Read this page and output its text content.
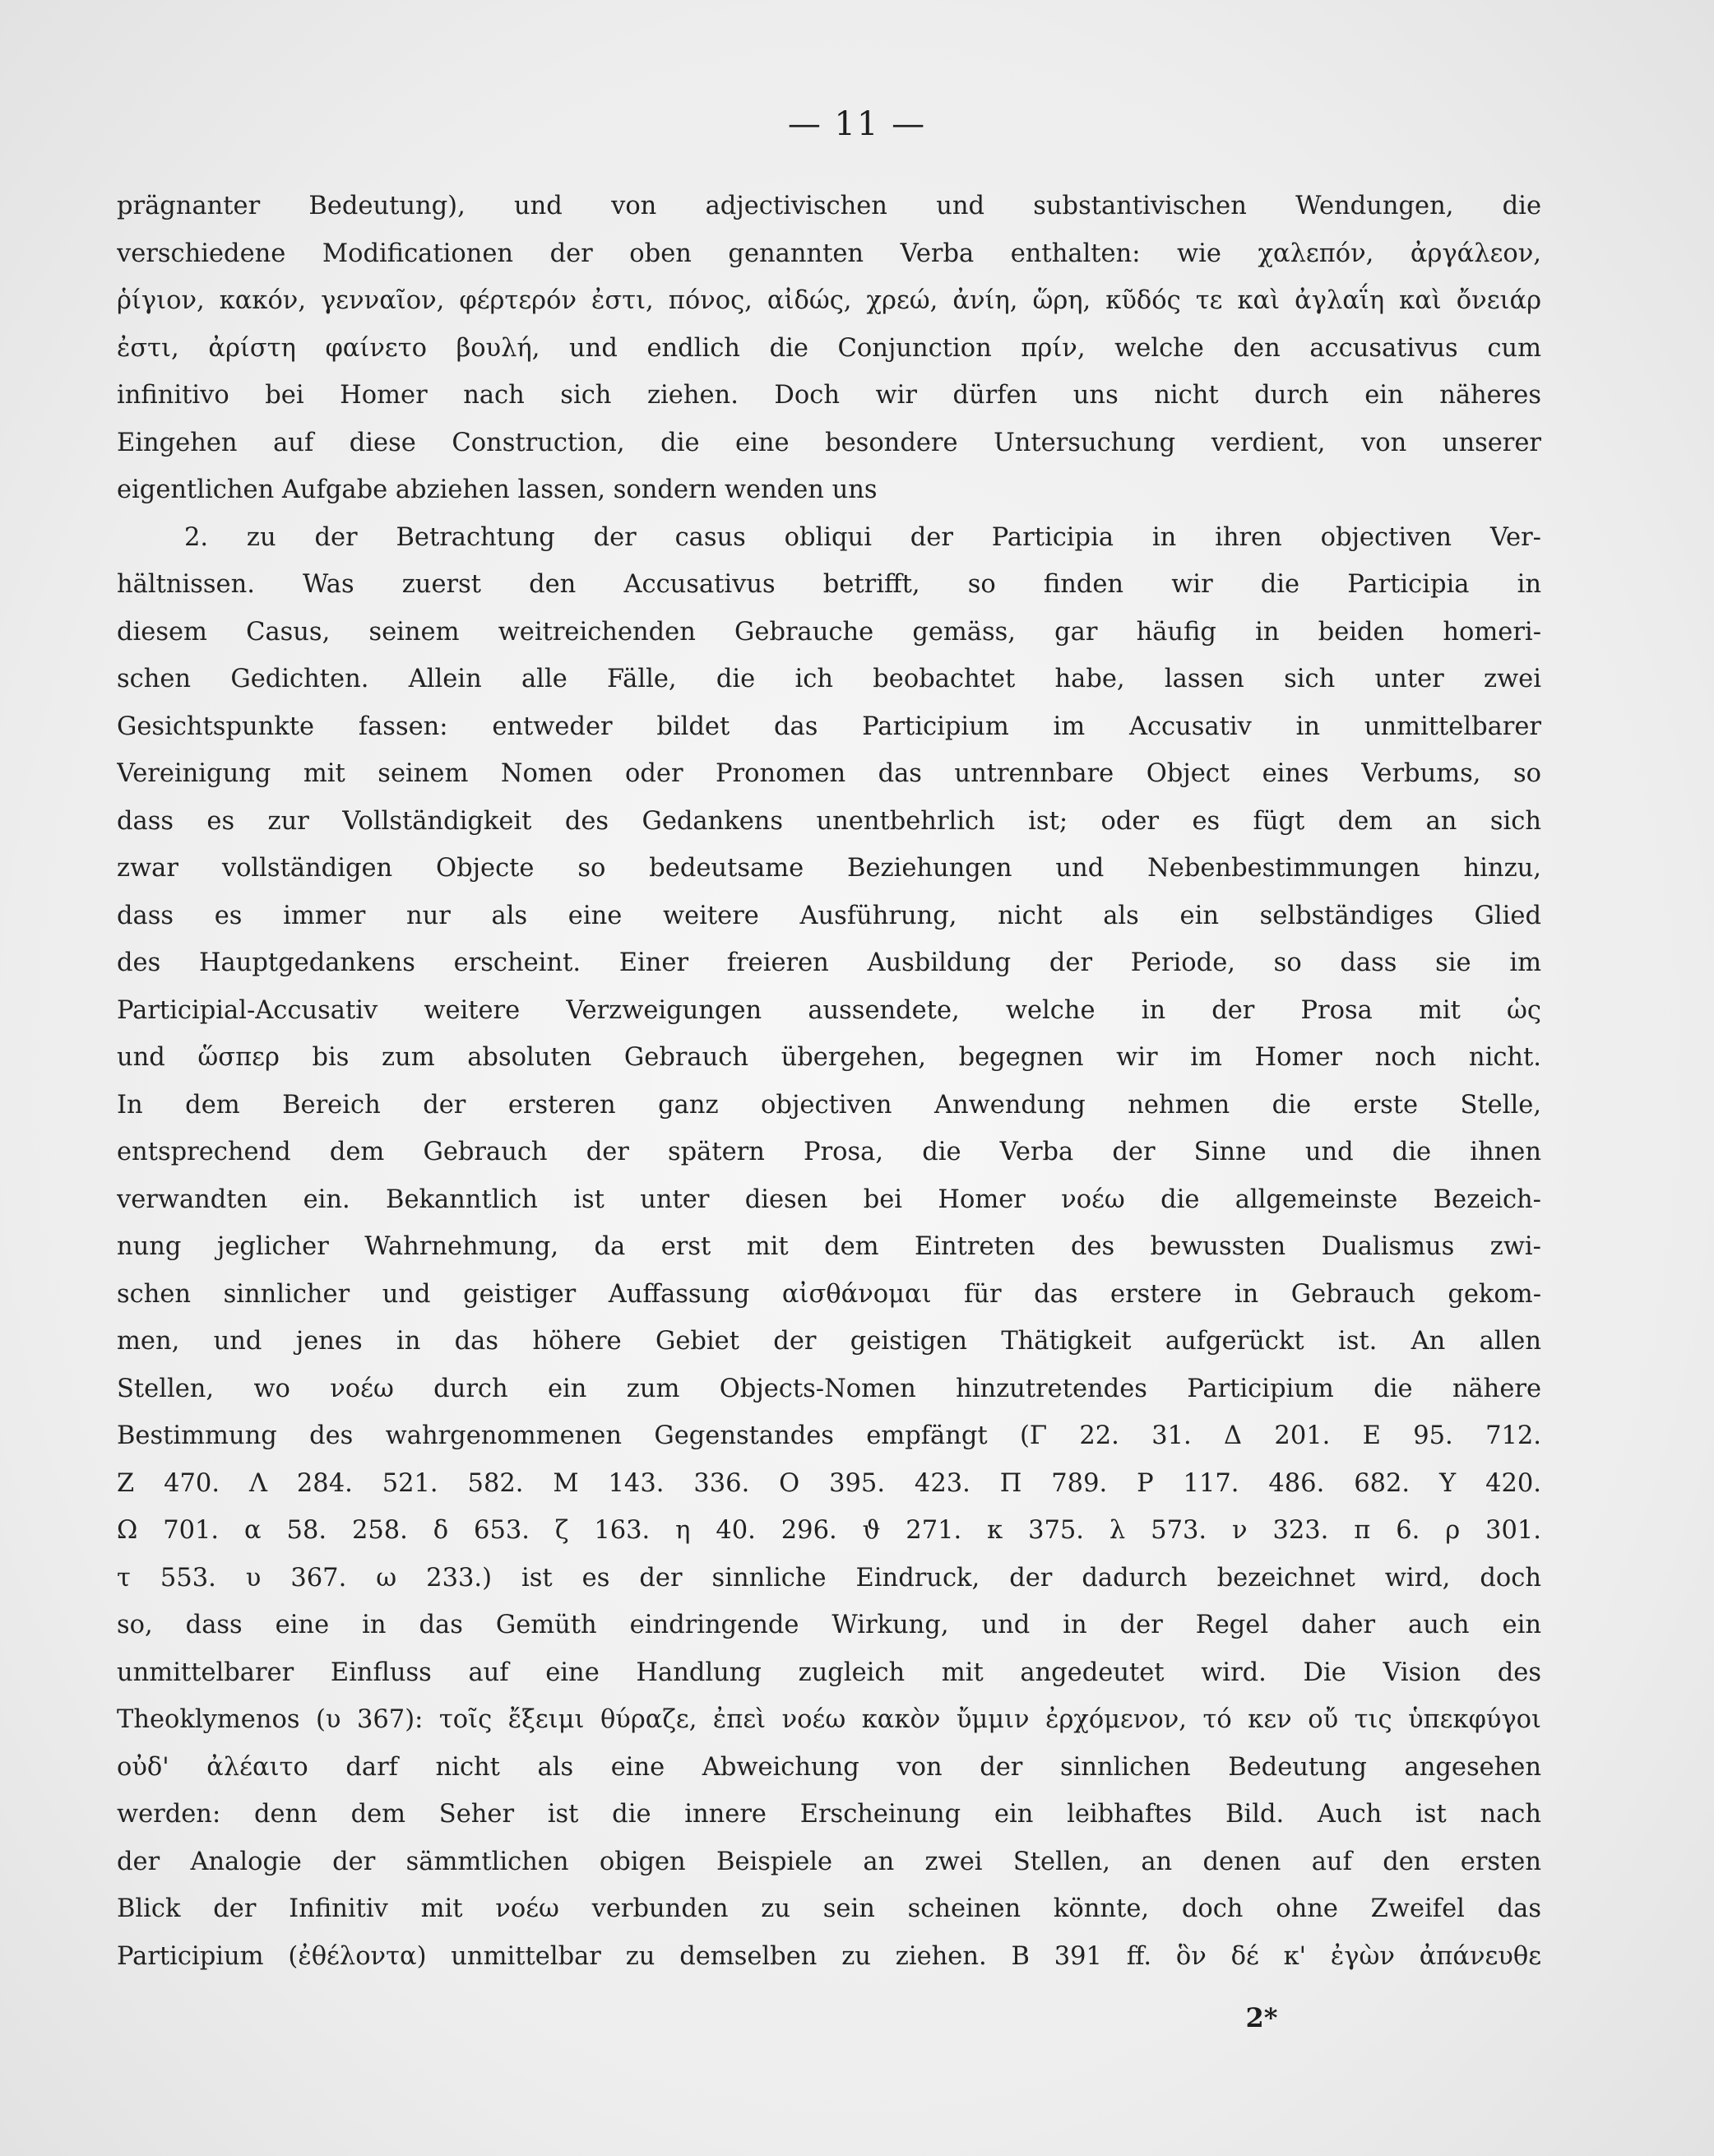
— 11 —
prägnanter Bedeutung), und von adjectivischen und substantivischen Wendungen, die
verschiedene Modificationen der oben genannten Verba enthalten: wie χαλεπόν, ἀργάλεον,
ῥίγιον, κακόν, γενναῖον, φέρτερόν ἐστι, πόνος, αἰδώς, χρεώ, ἀνίη, ὥρη, κῦδός τε καὶ ἀγλαΐη καὶ ὄνειάρ
ἐστι, ἀρίστη φαίνετο βουλή, und endlich die Conjunction πρίν, welche den accusativus cum
infinitivo bei Homer nach sich ziehen. Doch wir dürfen uns nicht durch ein näheres
Eingehen auf diese Construction, die eine besondere Untersuchung verdient, von unserer
eigentlichen Aufgabe abziehen lassen, sondern wenden uns
2. zu der Betrachtung der casus obliqui der Participia in ihren objectiven Ver-
hältnissen. Was zuerst den Accusativus betrifft, so finden wir die Participia in
diesem Casus, seinem weitreichenden Gebrauche gemäss, gar häufig in beiden homeri-
schen Gedichten. Allein alle Fälle, die ich beobachtet habe, lassen sich unter zwei
Gesichtspunkte fassen: entweder bildet das Participium im Accusativ in unmittelbarer
Vereinigung mit seinem Nomen oder Pronomen das untrennbare Object eines Verbums, so
dass es zur Vollständigkeit des Gedankens unentbehrlich ist; oder es fügt dem an sich
zwar vollständigen Objecte so bedeutsame Beziehungen und Nebenbestimmungen hinzu,
dass es immer nur als eine weitere Ausführung, nicht als ein selbständiges Glied
des Hauptgedankens erscheint. Einer freieren Ausbildung der Periode, so dass sie im
Participial-Accusativ weitere Verzweigungen aussendete, welche in der Prosa mit ὡς
und ὥσπερ bis zum absoluten Gebrauch übergehen, begegnen wir im Homer noch nicht.
In dem Bereich der ersteren ganz objectiven Anwendung nehmen die erste Stelle,
entsprechend dem Gebrauch der spätern Prosa, die Verba der Sinne und die ihnen
verwandten ein. Bekanntlich ist unter diesen bei Homer νοέω die allgemeinste Bezeich-
nung jeglicher Wahrnehmung, da erst mit dem Eintreten des bewussten Dualismus zwi-
schen sinnlicher und geistiger Auffassung αἰσθάνομαι für das erstere in Gebrauch gekom-
men, und jenes in das höhere Gebiet der geistigen Thätigkeit aufgerückt ist. An allen
Stellen, wo νοέω durch ein zum Objects-Nomen hinzutretendes Participium die nähere
Bestimmung des wahrgenommenen Gegenstandes empfängt (Γ 22. 31. Δ 201. Ε 95. 712.
Ζ 470. Λ 284. 521. 582. Μ 143. 336. Ο 395. 423. Π 789. Ρ 117. 486. 682. Υ 420.
Ω 701. α 58. 258. δ 653. ζ 163. η 40. 296. ϑ 271. κ 375. λ 573. ν 323. π 6. ρ 301.
τ 553. υ 367. ω 233.) ist es der sinnliche Eindruck, der dadurch bezeichnet wird, doch
so, dass eine in das Gemüth eindringende Wirkung, und in der Regel daher auch ein
unmittelbarer Einfluss auf eine Handlung zugleich mit angedeutet wird. Die Vision des
Theoklymenos (υ 367): τοῖς ἔξειμι θύραζε, ἐπεὶ νοέω κακὸν ὔμμιν ἐρχόμενον, τό κεν οὔ τις ὑπεκφύγοι
οὐδ' ἀλέαιτο darf nicht als eine Abweichung von der sinnlichen Bedeutung angesehen
werden: denn dem Seher ist die innere Erscheinung ein leibhaftes Bild. Auch ist nach
der Analogie der sämmtlichen obigen Beispiele an zwei Stellen, an denen auf den ersten
Blick der Infinitiv mit νοέω verbunden zu sein scheinen könnte, doch ohne Zweifel das
Participium (ἐθέλοντα) unmittelbar zu demselben zu ziehen. Β 391 ff. ὃν δέ κ' ἐγὼν ἀπάνευθε
2*
